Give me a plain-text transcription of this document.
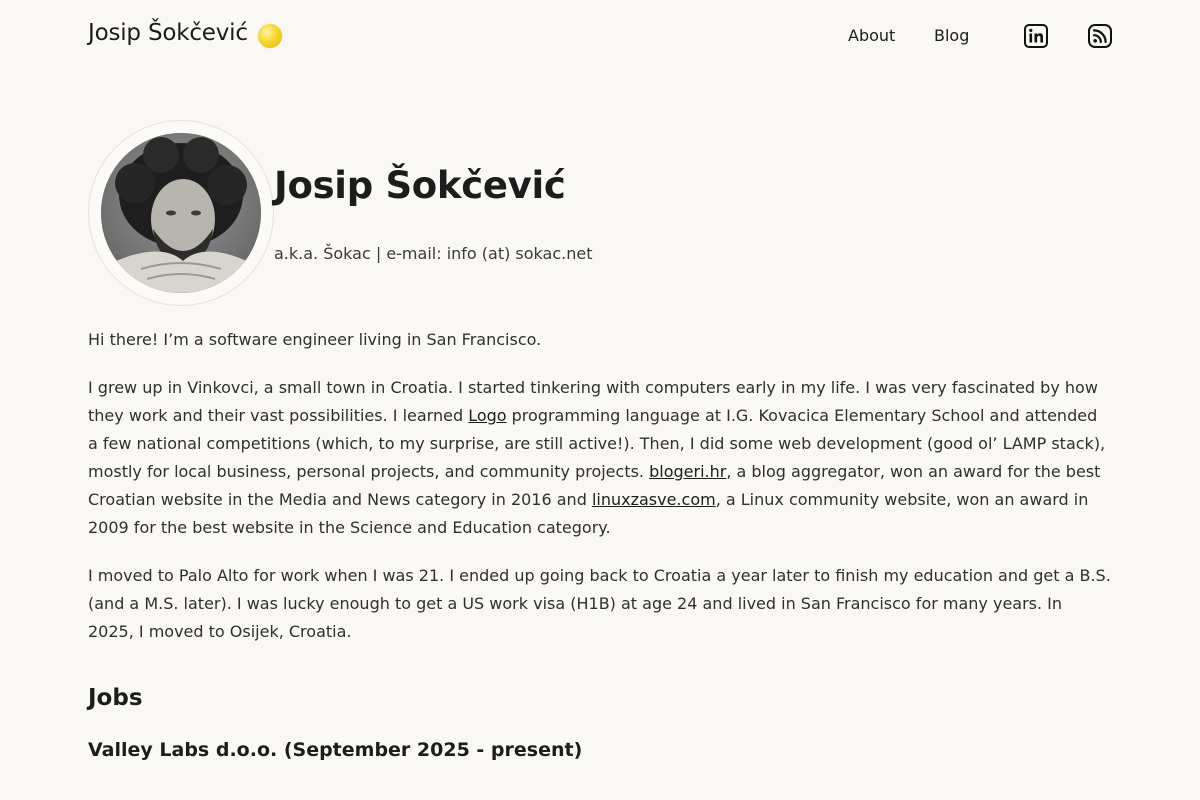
Josip Šokčević	About Blog
Josip Šokčević
a.k.a. Šokac | e-mail: info (at) sokac.net

Hi there! I’m a software engineer living in San Francisco.

I grew up in Vinkovci, a small town in Croatia. I started tinkering with computers early in my life. I was very fascinated by how they work and their vast possibilities. I learned Logo programming language at I.G. Kovacica Elementary School and attended a few national competitions (which, to my surprise, are still active!). Then, I did some web development (good ol’ LAMP stack), mostly for local business, personal projects, and community projects. blogeri.hr, a blog aggregator, won an award for the best Croatian website in the Media and News category in 2016 and linuxzasve.com, a Linux community website, won an award in 2009 for the best website in the Science and Education category.

I moved to Palo Alto for work when I was 21. I ended up going back to Croatia a year later to finish my education and get a B.S. (and a M.S. later). I was lucky enough to get a US work visa (H1B) at age 24 and lived in San Francisco for many years. In 2025, I moved to Osijek, Croatia.

Jobs
Valley Labs d.o.o. (September 2025 - present)
